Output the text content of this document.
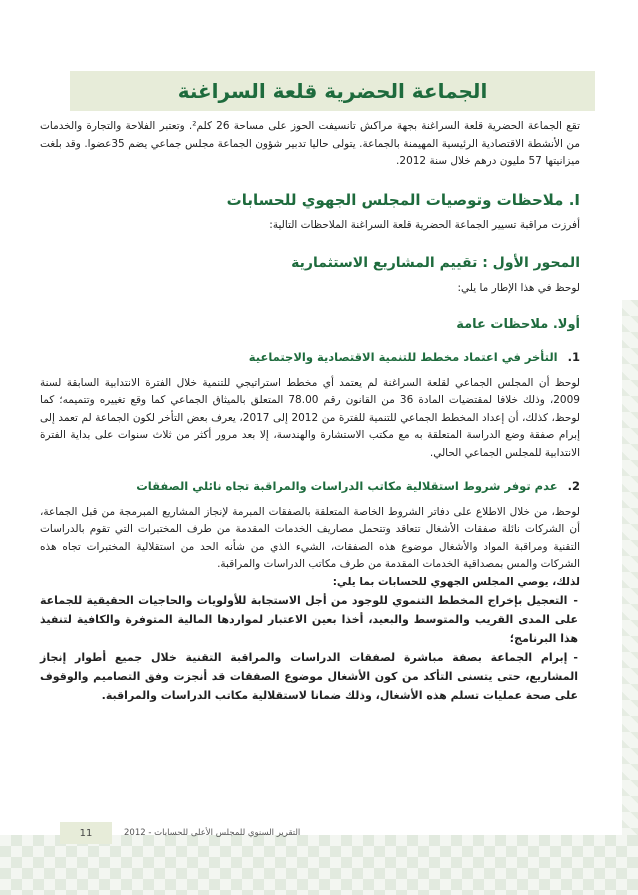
الجماعة الحضرية قلعة السراغنة

تقع الجماعة الحضرية قلعة السراغنة بجهة مراكش تانسيفت الحوز على مساحة 26 كلم². وتعتبر الفلاحة والتجارة والخدمات من الأنشطة الاقتصادية الرئيسية المهيمنة بالجماعة. يتولى حاليا تدبير شؤون الجماعة مجلس جماعي يضم 35عضوا. وقد بلغت ميزانيتها 57 مليون درهم خلال سنة 2012.

I. ملاحظات وتوصيات المجلس الجهوي للحسابات

أفرزت مراقبة تسيير الجماعة الحضرية قلعة السراغنة الملاحظات التالية:

المحور الأول : تقييم المشاريع الاستثمارية

لوحظ في هذا الإطار ما يلي:

أولا. ملاحظات عامة
1. التأخر في اعتماد مخطط للتنمية الاقتصادية والاجتماعية

لوحظ أن المجلس الجماعي لقلعة السراغنة لم يعتمد أي مخطط استراتيجي للتنمية خلال الفترة الانتدابية السابقة لسنة 2009، وذلك خلافا لمقتضيات المادة 36 من القانون رقم 78.00 المتعلق بالميثاق الجماعي كما وقع تغييره وتتميمه؛ كما لوحظ، كذلك، أن إعداد المخطط الجماعي للتنمية للفترة من 2012 إلى 2017، يعرف بعض التأخر لكون الجماعة لم تعمد إلى إبرام صفقة وضع الدراسة المتعلقة به مع مكتب الاستشارة والهندسة، إلا بعد مرور أكثر من ثلاث سنوات على بداية الفترة الانتدابية للمجلس الجماعي الحالي.

2. عدم توفر شروط استقلالية مكاتب الدراسات والمراقبة تجاه نائلي الصفقات

لوحظ، من خلال الاطلاع على دفاتر الشروط الخاصة المتعلقة بالصفقات المبرمة لإنجاز المشاريع المبرمجة من قبل الجماعة، أن الشركات نائلة صفقات الأشغال تتعاقد وتتحمل مصاريف الخدمات المقدمة من طرف المختبرات التي تقوم بالدراسات التقنية ومراقبة المواد والأشغال موضوع هذه الصفقات، الشيء الذي من شأنه الحد من استقلالية المختبرات تجاه هذه الشركات والمس بمصداقية الخدمات المقدمة من طرف مكاتب الدراسات والمراقبة.

لذلك، يوصي المجلس الجهوي للحسابات بما يلي:

-التعجيل بإخراج المخطط التنموي للوجود من أجل الاستجابة للأولويات والحاجيات الحقيقية للجماعة على المدى القريب والمتوسط والبعيد، أخذا بعين الاعتبار لمواردها المالية المتوفرة والكافية لتنفيذ هذا البرنامج؛

-إبرام الجماعة بصفة مباشرة لصفقات الدراسات والمراقبة التقنية خلال جميع أطوار إنجاز المشاريع، حتى يتسنى التأكد من كون الأشغال موضوع الصفقات قد أنجزت وفق التصاميم والوقوف على صحة عمليات تسلم هذه الأشغال، وذلك ضمانا لاستقلالية مكاتب الدراسات والمراقبة.

11	التقرير السنوي للمجلس الأعلى للحسابات - 2012
